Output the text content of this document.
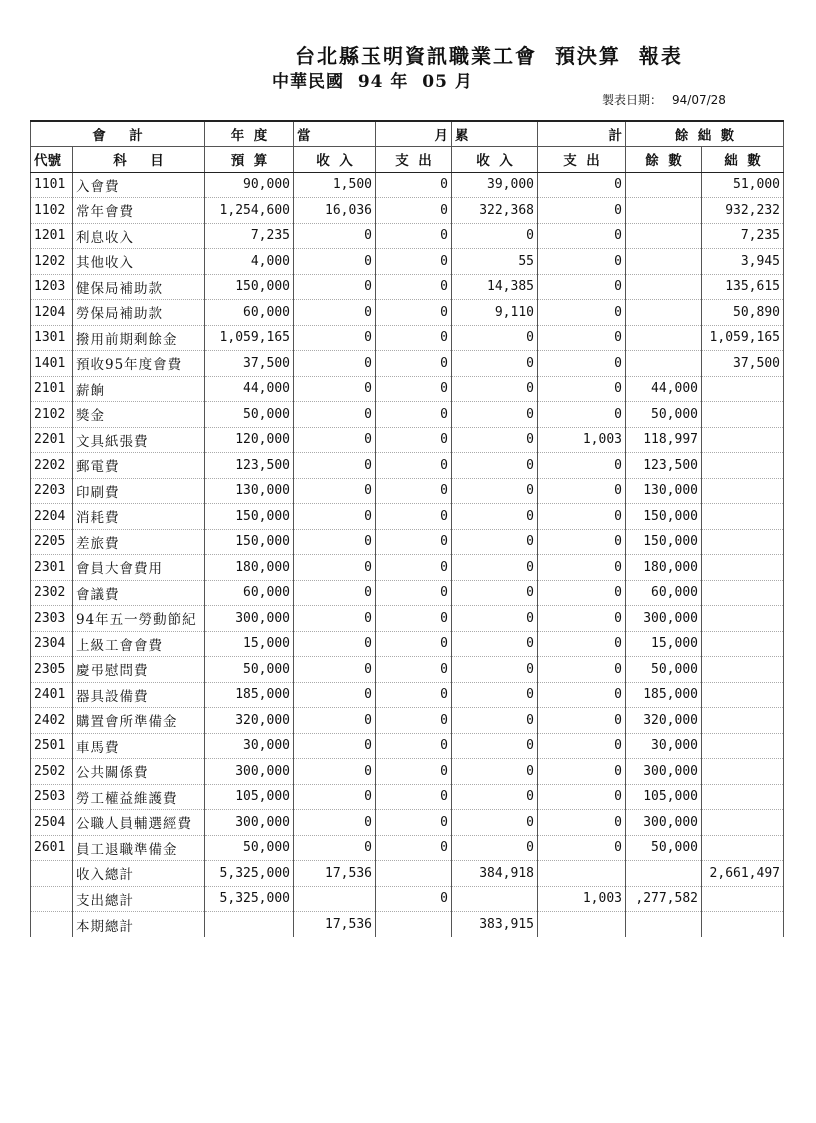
台北縣玉明資訊職業工會  預決算  報表
中華民國  94 年  05 月
製表日期： 94/07/28
會     計		年  度	當	月	累	計	餘  絀  數	
代號	科     目	預  算	收  入	支  出	收  入	支  出	餘  數	絀  數
1101	入會費	90,000	1,500	0	39,000	0		51,000
1102	常年會費	1,254,600	16,036	0	322,368	0		932,232
1201	利息收入	7,235	0	0	0	0		7,235
1202	其他收入	4,000	0	0	55	0		3,945
1203	健保局補助款	150,000	0	0	14,385	0		135,615
1204	勞保局補助款	60,000	0	0	9,110	0		50,890
1301	撥用前期剩餘金	1,059,165	0	0	0	0		1,059,165
1401	預收95年度會費	37,500	0	0	0	0		37,500
2101	薪餉	44,000	0	0	0	0	44,000	
2102	獎金	50,000	0	0	0	0	50,000	
2201	文具紙張費	120,000	0	0	0	1,003	118,997	
2202	郵電費	123,500	0	0	0	0	123,500	
2203	印刷費	130,000	0	0	0	0	130,000	
2204	消耗費	150,000	0	0	0	0	150,000	
2205	差旅費	150,000	0	0	0	0	150,000	
2301	會員大會費用	180,000	0	0	0	0	180,000	
2302	會議費	60,000	0	0	0	0	60,000	
2303	94年五一勞動節紀	300,000	0	0	0	0	300,000	
2304	上級工會會費	15,000	0	0	0	0	15,000	
2305	慶弔慰問費	50,000	0	0	0	0	50,000	
2401	器具設備費	185,000	0	0	0	0	185,000	
2402	購置會所準備金	320,000	0	0	0	0	320,000	
2501	車馬費	30,000	0	0	0	0	30,000	
2502	公共關係費	300,000	0	0	0	0	300,000	
2503	勞工權益維護費	105,000	0	0	0	0	105,000	
2504	公職人員輔選經費	300,000	0	0	0	0	300,000	
2601	員工退職準備金	50,000	0	0	0	0	50,000	
	收入總計	5,325,000	17,536		384,918			2,661,497
	支出總計	5,325,000		0		1,003	,277,582	
	本期總計		17,536		383,915			
